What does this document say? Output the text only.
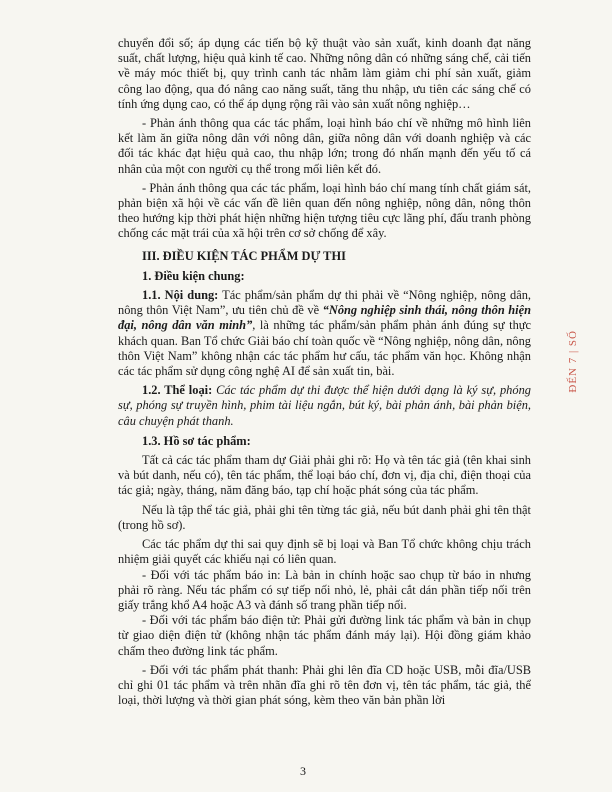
chuyển đổi số; áp dụng các tiến bộ kỹ thuật vào sản xuất, kinh doanh đạt năng suất, chất lượng, hiệu quả kinh tế cao. Những nông dân có những sáng chế, cải tiến về máy móc thiết bị, quy trình canh tác nhằm làm giảm chi phí sản xuất, giảm công lao động, qua đó nâng cao năng suất, tăng thu nhập, ưu tiên các sáng chế có tính ứng dụng cao, có thể áp dụng rộng rãi vào sản xuất nông nghiệp…

- Phản ánh thông qua các tác phẩm, loại hình báo chí về những mô hình liên kết làm ăn giữa nông dân với nông dân, giữa nông dân với doanh nghiệp và các đối tác khác đạt hiệu quả cao, thu nhập lớn; trong đó nhấn mạnh đến yếu tố cá nhân của một con người cụ thể trong mối liên kết đó.

- Phản ánh thông qua các tác phẩm, loại hình báo chí mang tính chất giám sát, phản biện xã hội về các vấn đề liên quan đến nông nghiệp, nông dân, nông thôn theo hướng kịp thời phát hiện những hiện tượng tiêu cực lãng phí, đấu tranh phòng chống các mặt trái của xã hội trên cơ sở chống để xây.

III. ĐIỀU KIỆN TÁC PHẨM DỰ THI

1. Điều kiện chung:

1.1. Nội dung: Tác phẩm/sản phẩm dự thi phải về “Nông nghiệp, nông dân, nông thôn Việt Nam”, ưu tiên chủ đề về “Nông nghiệp sinh thái, nông thôn hiện đại, nông dân văn minh”, là những tác phẩm/sản phẩm phản ánh đúng sự thực khách quan. Ban Tổ chức Giải báo chí toàn quốc về “Nông nghiệp, nông dân, nông thôn Việt Nam” không nhận các tác phẩm hư cấu, tác phẩm văn học. Không nhận các tác phẩm sử dụng công nghệ AI để sản xuất tin, bài.

1.2. Thể loại: Các tác phẩm dự thi được thể hiện dưới dạng là ký sự, phóng sự, phóng sự truyền hình, phim tài liệu ngắn, bút ký, bài phản ánh, bài phản biện, câu chuyện phát thanh.

1.3. Hồ sơ tác phẩm:

Tất cả các tác phẩm tham dự Giải phải ghi rõ: Họ và tên tác giả (tên khai sinh và bút danh, nếu có), tên tác phẩm, thể loại báo chí, đơn vị, địa chỉ, điện thoại của tác giả; ngày, tháng, năm đăng báo, tạp chí hoặc phát sóng của tác phẩm.

Nếu là tập thể tác giả, phải ghi tên từng tác giả, nếu bút danh phải ghi tên thật (trong hồ sơ).

Các tác phẩm dự thi sai quy định sẽ bị loại và Ban Tổ chức không chịu trách nhiệm giải quyết các khiếu nại có liên quan.

- Đối với tác phẩm báo in: Là bản in chính hoặc sao chụp từ báo in nhưng phải rõ ràng. Nếu tác phẩm có sự tiếp nối nhỏ, lẻ, phải cắt dán phần tiếp nối trên giấy trắng khổ A4 hoặc A3 và đánh số trang phần tiếp nối.

- Đối với tác phẩm báo điện tử: Phải gửi đường link tác phẩm và bản in chụp từ giao diện điện tử (không nhận tác phẩm đánh máy lại). Hội đồng giám khảo chấm theo đường link tác phẩm.

- Đối với tác phẩm phát thanh: Phải ghi lên đĩa CD hoặc USB, mỗi đĩa/USB chỉ ghi 01 tác phẩm và trên nhãn đĩa ghi rõ tên đơn vị, tên tác phẩm, tác giả, thể loại, thời lượng và thời gian phát sóng, kèm theo văn bản phần lời

ĐẾN 7 | SỐ
3
